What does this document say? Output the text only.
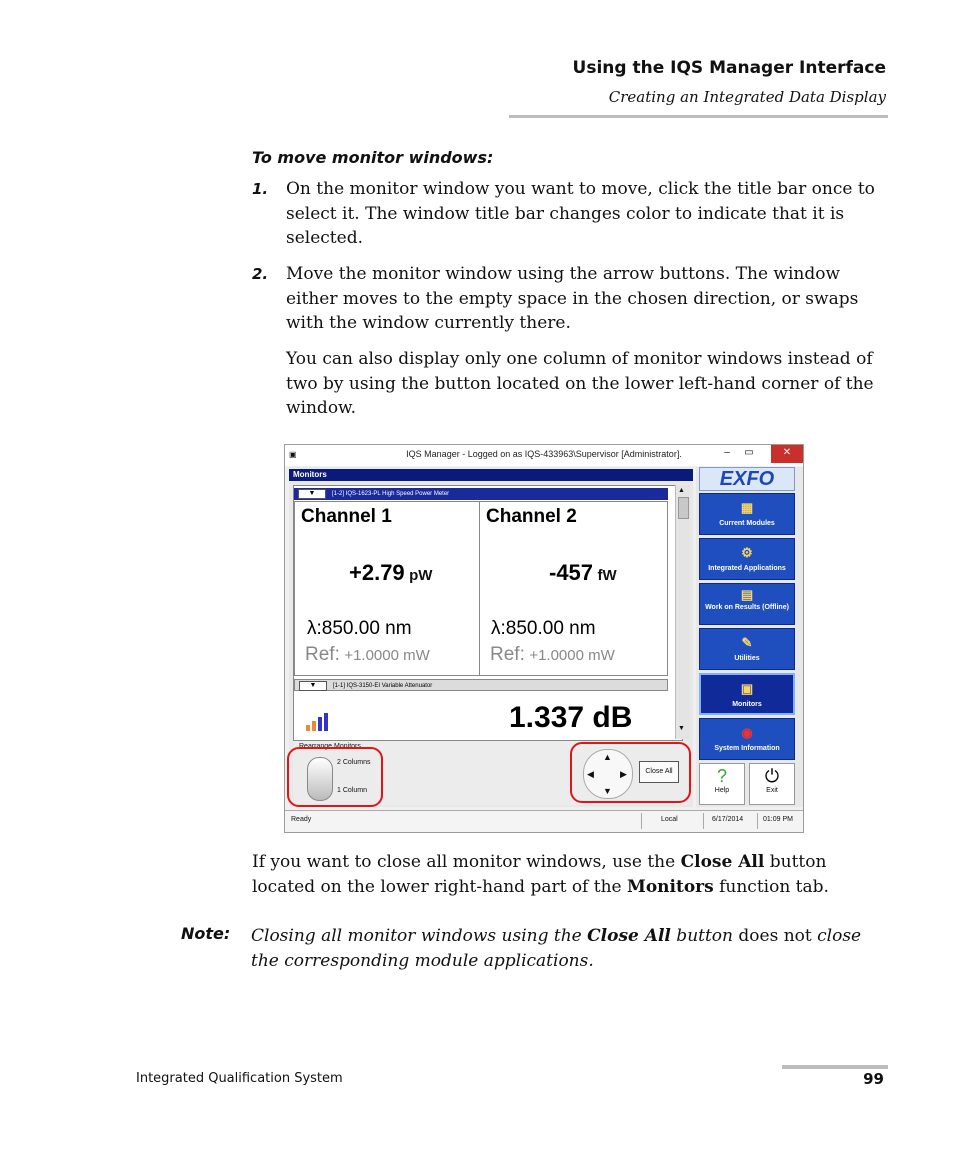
Using the IQS Manager Interface
Creating an Integrated Data Display
To move monitor windows:
1. On the monitor window you want to move, click the title bar once to select it. The window title bar changes color to indicate that it is selected.
2. Move the monitor window using the arrow buttons. The window either moves to the empty space in the chosen direction, or swaps with the window currently there.
You can also display only one column of monitor windows instead of two by using the button located on the lower left-hand corner of the window.
▣	IQS Manager - Logged on as IQS-433963\Supervisor [Administrator].	–	▭	✕
Monitors
▼	[1-2] IQS-1623-PL High Speed Power Meter
Channel 1
+2.79 pW
λ:850.00 nm
Ref: +1.0000 mW
Channel 2
-457 fW
λ:850.00 nm
Ref: +1.0000 mW
▼	[1-1] IQS-3150-EI Variable Attenuator
1.337 dB
▲
▼
Rearrange Monitors
2 Columns
1 Column
▲
▼
◀	▶	Close All
EXFO
▦
Current Modules
⚙
Integrated Applications
▤
Work on Results (Offline)
✎
Utilities
▣
Monitors
◉
System Information
?
Help
⏻
Exit
Ready	Local	6/17/2014	01:09 PM
If you want to close all monitor windows, use the Close All button located on the lower right-hand part of the Monitors function tab.
Note: Closing all monitor windows using the Close All button does not close the corresponding module applications.
Integrated Qualification System	99
